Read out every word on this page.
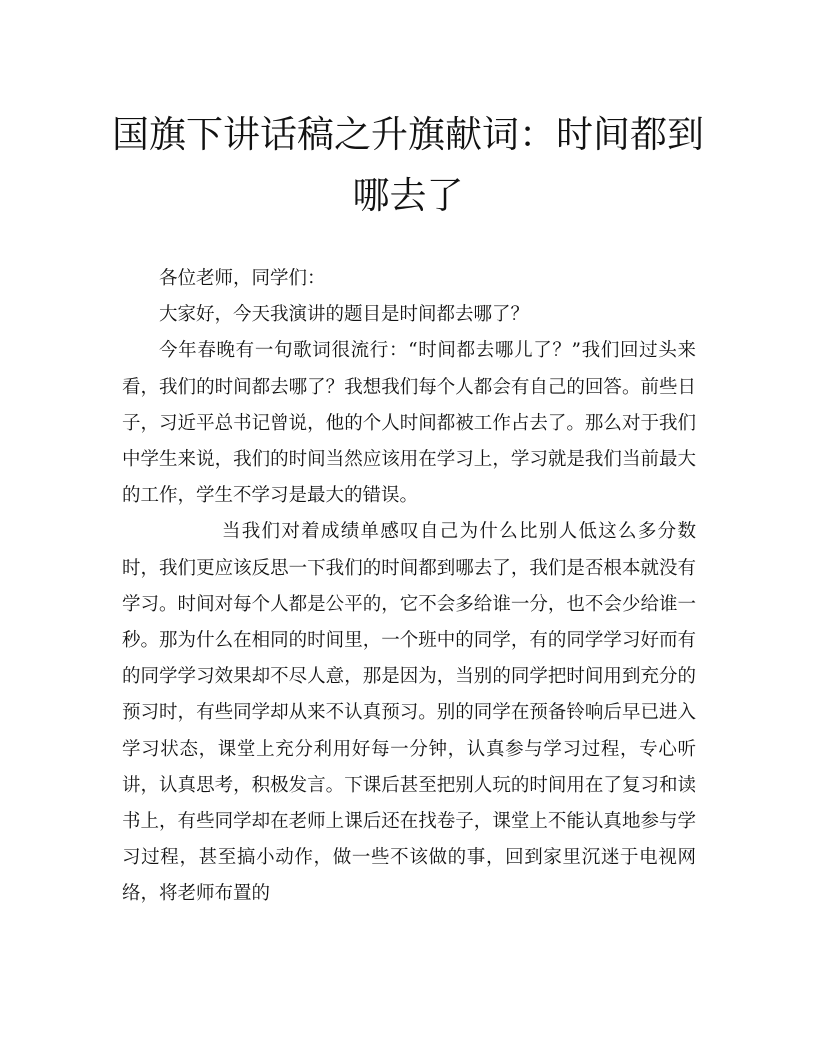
国旗下讲话稿之升旗献词：时间都到哪去了

各位老师，同学们：

大家好，今天我演讲的题目是时间都去哪了？

今年春晚有一句歌词很流行：“时间都去哪儿了？”我们回过头来看，我们的时间都去哪了？我想我们每个人都会有自己的回答。前些日子，习近平总书记曾说，他的个人时间都被工作占去了。那么对于我们中学生来说，我们的时间当然应该用在学习上，学习就是我们当前最大的工作，学生不学习是最大的错误。

当我们对着成绩单感叹自己为什么比别人低这么多分数时，我们更应该反思一下我们的时间都到哪去了，我们是否根本就没有学习。时间对每个人都是公平的，它不会多给谁一分，也不会少给谁一秒。那为什么在相同的时间里，一个班中的同学，有的同学学习好而有的同学学习效果却不尽人意，那是因为，当别的同学把时间用到充分的预习时，有些同学却从来不认真预习。别的同学在预备铃响后早已进入学习状态，课堂上充分利用好每一分钟，认真参与学习过程，专心听讲，认真思考，积极发言。下课后甚至把别人玩的时间用在了复习和读书上，有些同学却在老师上课后还在找卷子，课堂上不能认真地参与学习过程，甚至搞小动作，做一些不该做的事，回到家里沉迷于电视网络，将老师布置的
